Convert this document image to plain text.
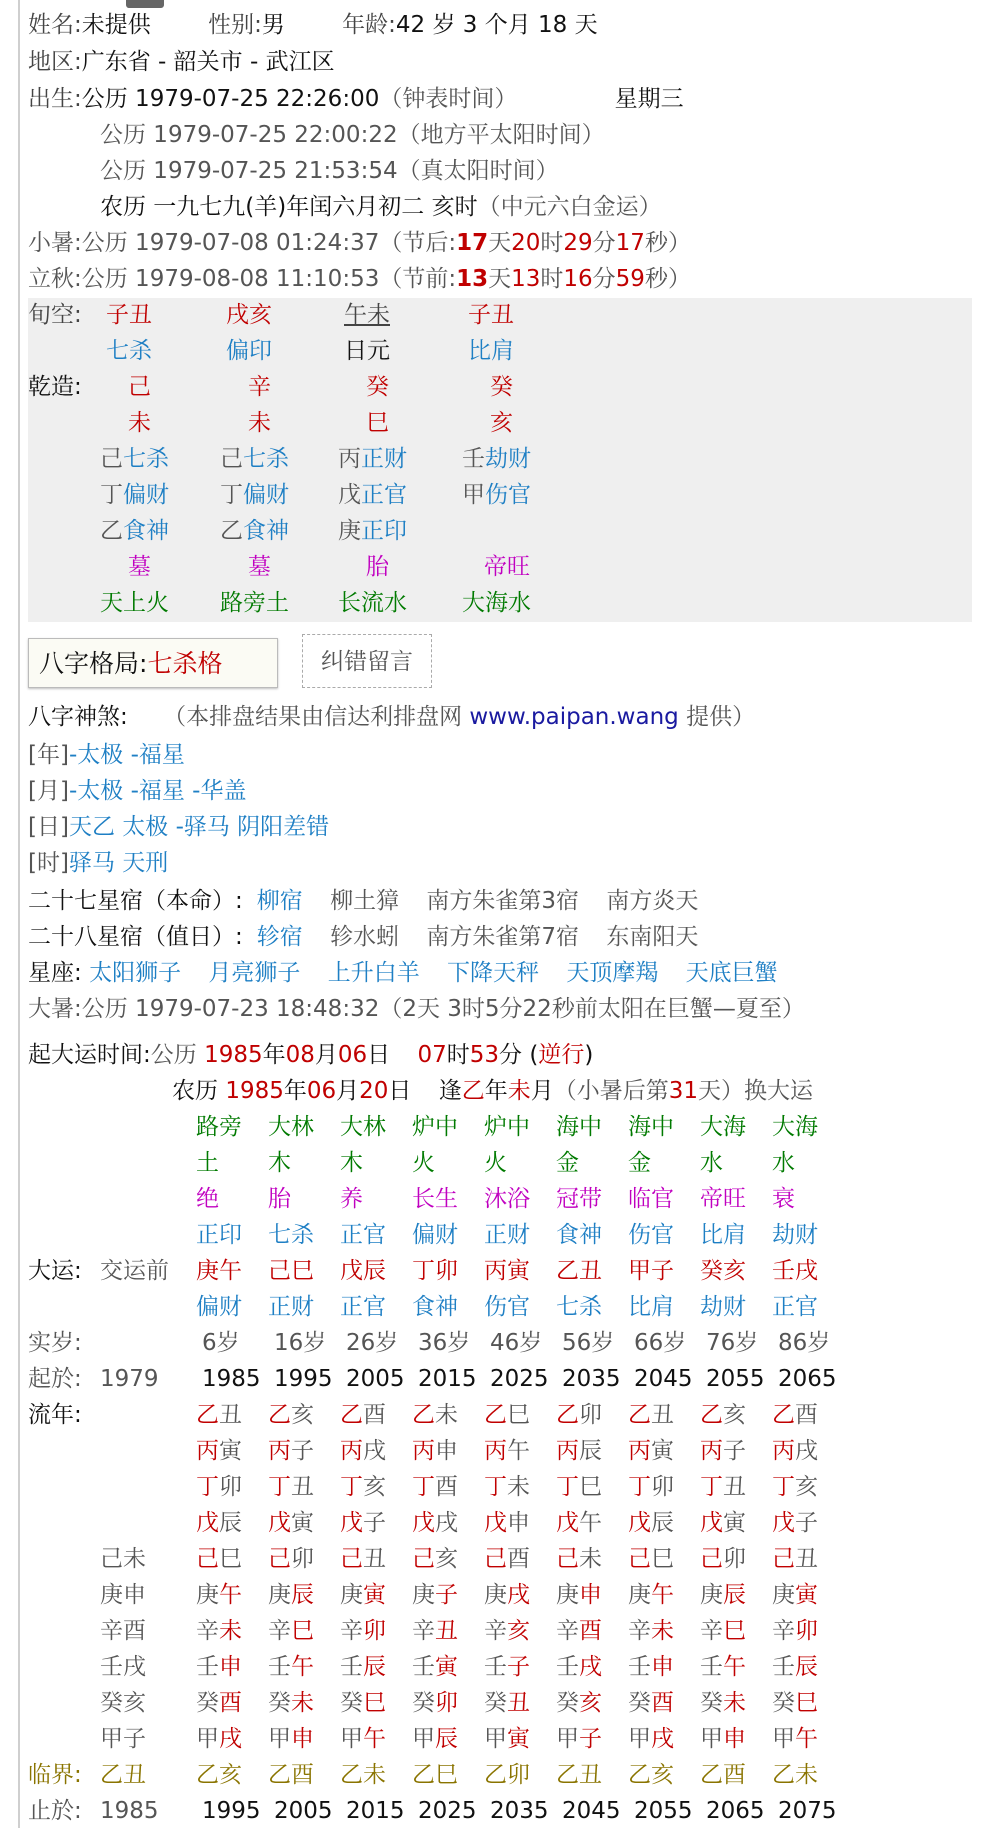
姓名:未提供 性别:男 年龄:42 岁 3 个月 18 天
地区:广东省 - 韶关市 - 武江区
出生:公历 1979-07-25 22:26:00（钟表时间）	星期三
公历 1979-07-25 22:00:22（地方平太阳时间）
公历 1979-07-25 21:53:54（真太阳时间）
农历 一九七九(羊)年闰六月初二 亥时（中元六白金运）
小暑:公历 1979-07-08 01:24:37（节后:17天20时29分17秒）
立秋:公历 1979-08-08 11:10:53（节前:13天13时16分59秒）
旬空:
乾造:
子丑
七杀
己
未
己七杀
丁偏财
乙食神
墓
天上火
戌亥
偏印
辛
未
己七杀
丁偏财
乙食神
墓
路旁土
午未
日元
癸
巳
丙正财
戊正官
庚正印
胎
长流水
子丑
比肩
癸
亥
壬劫财
甲伤官
帝旺
大海水
八字格局:七杀格	纠错留言
八字神煞: （本排盘结果由信达利排盘网 www.paipan.wang 提供）
[年]-太极 -福星
[月]-太极 -福星 -华盖
[日]天乙 太极 -驿马 阴阳差错
[时]驿马 天刑
二十七星宿（本命）: 柳宿 柳土獐 南方朱雀第3宿 南方炎天
二十八星宿（值日）: 轸宿 轸水蚓 南方朱雀第7宿 东南阳天
星座: 太阳狮子 月亮狮子 上升白羊 下降天秤 天顶摩羯 天底巨蟹
大暑:公历 1979-07-23 18:48:32（2天 3时5分22秒前太阳在巨蟹—夏至）
起大运时间:公历 1985年08月06日 07时53分 (逆行)
农历 1985年06月20日 逢乙年未月（小暑后第31天）换大运
大运: 交运前
实岁:
起於: 1979
流年:
临界: 乙丑
止於: 1985
路旁
土
绝
正印
庚午
偏财
6岁
1985
大林
木
胎
七杀
己巳
正财
16岁
1995
大林
木
养
正官
戊辰
正官
26岁
2005
炉中
火
长生
偏财
丁卯
食神
36岁
2015
炉中
火
沐浴
正财
丙寅
伤官
46岁
2025
海中
金
冠带
食神
乙丑
七杀
56岁
2035
海中
金
临官
伤官
甲子
比肩
66岁
2045
大海
水
帝旺
比肩
癸亥
劫财
76岁
2055
大海
水
衰
劫财
壬戌
正官
86岁
2065
乙丑 乙亥 乙酉 乙未 乙巳 乙卯 乙丑 乙亥 乙酉
丙寅 丙子 丙戌 丙申 丙午 丙辰 丙寅 丙子 丙戌
丁卯 丁丑 丁亥 丁酉 丁未 丁巳 丁卯 丁丑 丁亥
戊辰 戊寅 戊子 戊戌 戊申 戊午 戊辰 戊寅 戊子
己未 己巳 己卯 己丑 己亥 己酉 己未 己巳 己卯 己丑
庚申 庚午 庚辰 庚寅 庚子 庚戌 庚申 庚午 庚辰 庚寅
辛酉 辛未 辛巳 辛卯 辛丑 辛亥 辛酉 辛未 辛巳 辛卯
壬戌 壬申 壬午 壬辰 壬寅 壬子 壬戌 壬申 壬午 壬辰
癸亥 癸酉 癸未 癸巳 癸卯 癸丑 癸亥 癸酉 癸未 癸巳
甲子 甲戌 甲申 甲午 甲辰 甲寅 甲子 甲戌 甲申 甲午
乙亥
1995
乙酉
2005
乙未
2015
乙巳
2025
乙卯
2035
乙丑
2045
乙亥
2055
乙酉
2065
乙未
2075
